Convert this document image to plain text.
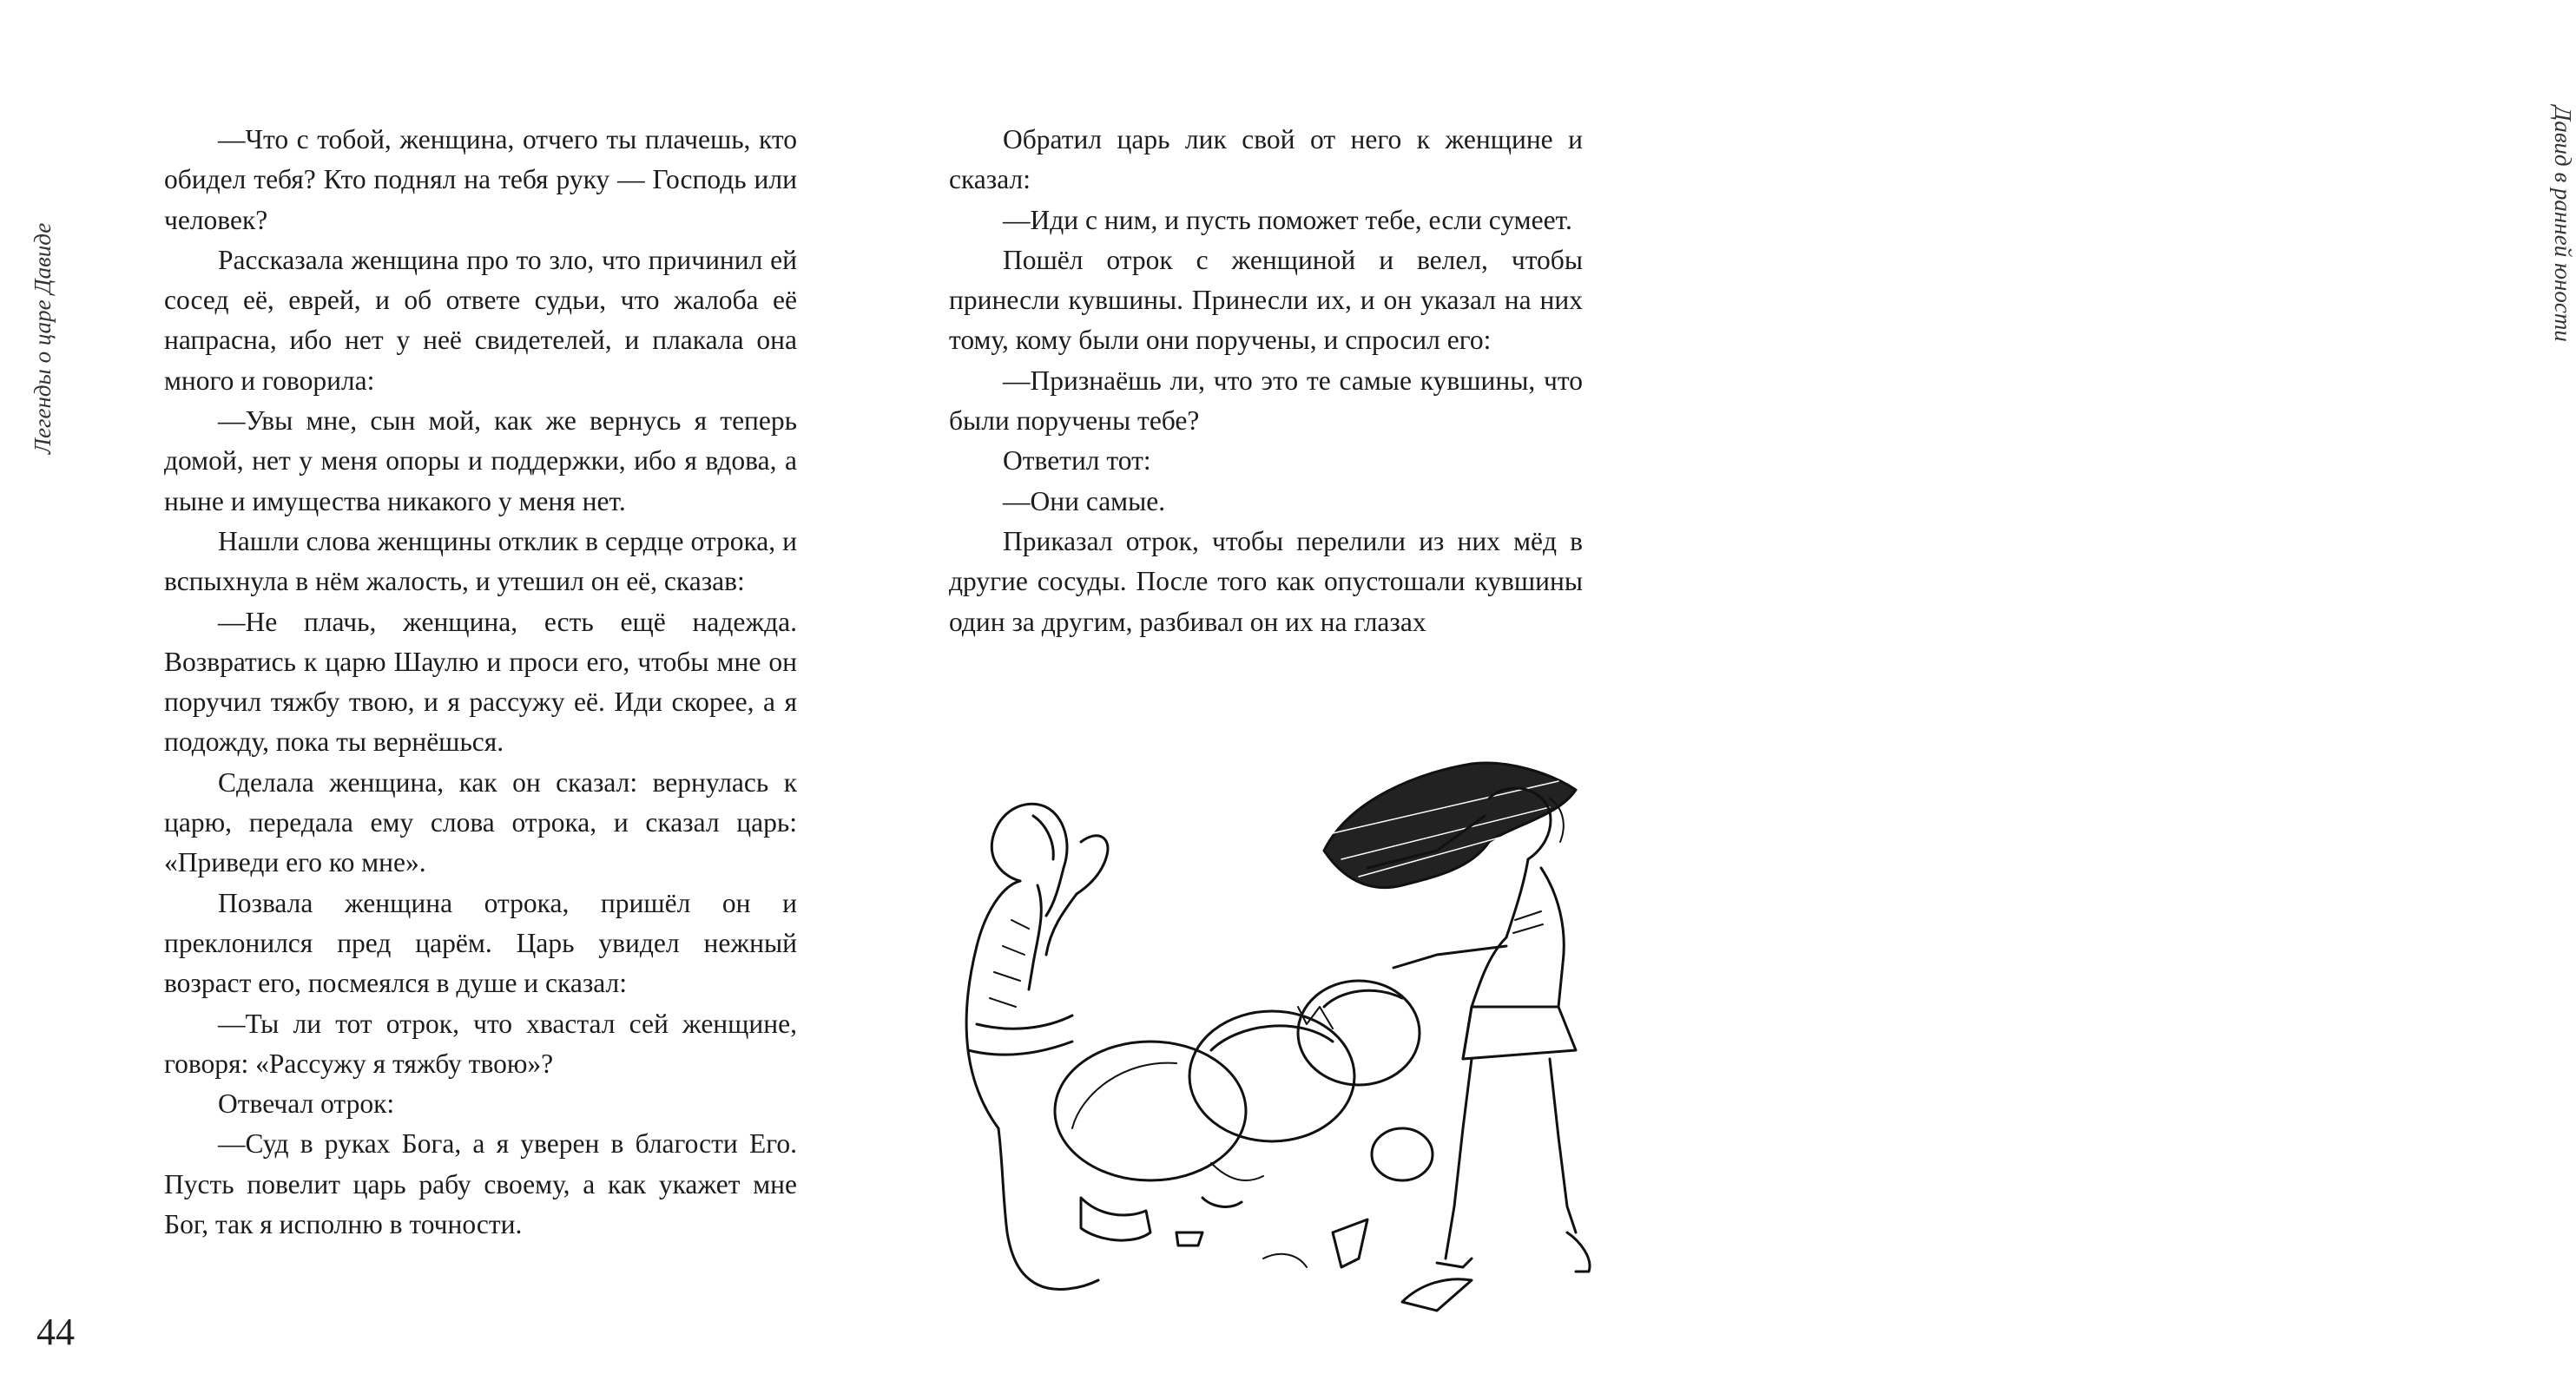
Легенды о царе Давиде

—Что с тобой, женщина, отчего ты плачешь, кто обидел тебя? Кто поднял на тебя руку — Господь или человек?

Рассказала женщина про то зло, что причинил ей сосед её, еврей, и об ответе судьи, что жалоба её напрасна, ибо нет у неё свидетелей, и плакала она много и говорила:

—Увы мне, сын мой, как же вернусь я теперь домой, нет у меня опоры и поддержки, ибо я вдова, а ныне и имущества никакого у меня нет.

Нашли слова женщины отклик в сердце отрока, и вспыхнула в нём жалость, и утешил он её, сказав:

—Не плачь, женщина, есть ещё надежда. Возвратись к царю Шаулю и проси его, чтобы мне он поручил тяжбу твою, и я рассужу её. Иди скорее, а я подожду, пока ты вернёшься.

Сделала женщина, как он сказал: вернулась к царю, передала ему слова отрока, и сказал царь: «Приведи его ко мне».

Позвала женщина отрока, пришёл он и преклонился пред царём. Царь увидел нежный возраст его, посмеялся в душе и сказал:

—Ты ли тот отрок, что хвастал сей женщине, говоря: «Рассужу я тяжбу твою»?

Отвечал отрок:

—Суд в руках Бога, а я уверен в благости Его. Пусть повелит царь рабу своему, а как укажет мне Бог, так я исполню в точности.

44
Давид в ранней юности

Обратил царь лик свой от него к женщине и сказал:

—Иди с ним, и пусть поможет тебе, если сумеет.

Пошёл отрок с женщиной и велел, чтобы принесли кувшины. Принесли их, и он указал на них тому, кому были они поручены, и спросил его:

—Признаёшь ли, что это те самые кувшины, что были поручены тебе?

Ответил тот:

—Они самые.

Приказал отрок, чтобы перелили из них мёд в другие сосуды. После того как опустошали кувшины один за другим, разбивал он их на глазах
